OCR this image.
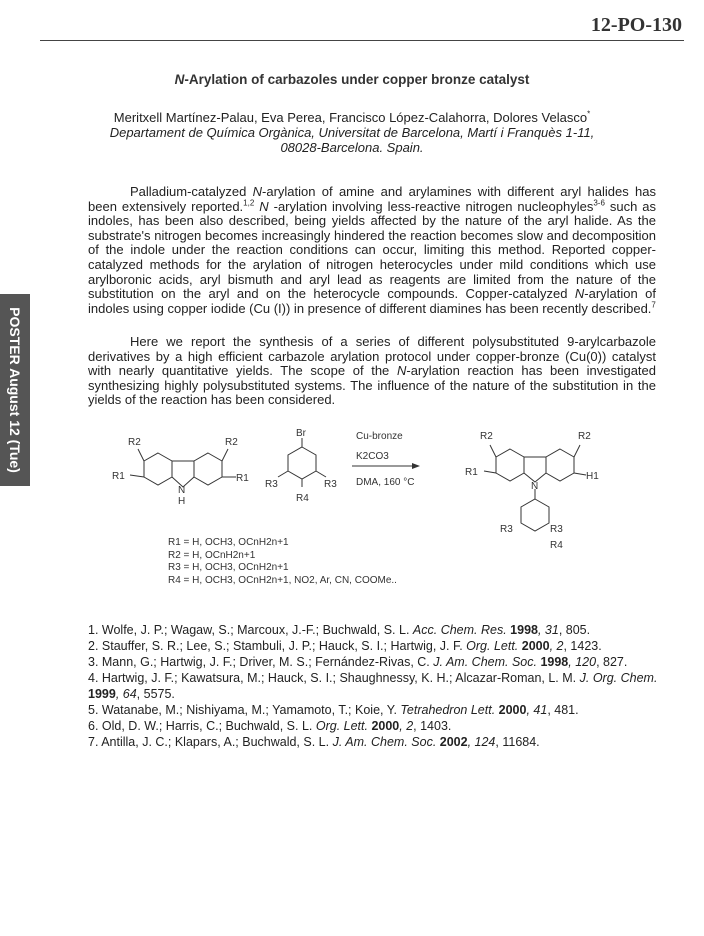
12-PO-130
POSTER August 12 (Tue)
N-Arylation of carbazoles under copper bronze catalyst
Meritxell Martínez-Palau, Eva Perea, Francisco López-Calahorra, Dolores Velasco*
Departament de Química Orgànica, Universitat de Barcelona, Martí i Franquès 1-11,
08028-Barcelona. Spain.
Palladium-catalyzed N-arylation of amine and arylamines with different aryl halides has been extensively reported.$^{1,2}$ N -arylation involving less-reactive nitrogen nucleophyles$^{3-6}$ such as indoles, has been also described, being yields affected by the nature of the aryl halide. As the substrate's nitrogen becomes increasingly hindered the reaction becomes slow and decomposition of the indole under the reaction conditions can occur, limiting this method. Reported copper-catalyzed methods for the arylation of nitrogen heterocycles under mild conditions which use arylboronic acids, aryl bismuth and aryl lead as reagents are limited from the nature of the substitution on the aryl and on the heterocycle compounds. Copper-catalyzed N-arylation of indoles using copper iodide (Cu (I)) in presence of different diamines has been recently described.$^7$
Here we report the synthesis of a series of different polysubstituted 9-arylcarbazole derivatives by a high efficient carbazole arylation protocol under copper-bronze (Cu(0)) catalyst with nearly quantitative yields. The scope of the N-arylation reaction has been investigated synthesizing highly polysubstituted systems. The influence of the nature of the substitution in the yields of the reaction has been considered.
R2	R2
R1	R1
N
H
Br
R3	R3
R4
Cu-bronze
K2CO3
DMA, 160 °C
R2	R2
R1	H1
N
R3	R3
R1 = H, OCH3, OCnH2n+1
R2 = H, OCnH2n+1
R3 = H, OCH3, OCnH2n+1
R4 = H, OCH3, OCnH2n+1, NO2, Ar, CN, COOMe..
R4
1. Wolfe, J. P.; Wagaw, S.; Marcoux, J.-F.; Buchwald, S. L. Acc. Chem. Res. 1998, 31, 805.
2. Stauffer, S. R.; Lee, S.; Stambuli, J. P.; Hauck, S. I.; Hartwig, J. F. Org. Lett. 2000, 2, 1423.
3. Mann, G.; Hartwig, J. F.; Driver, M. S.; Fernández-Rivas, C. J. Am. Chem. Soc. 1998, 120, 827.
4. Hartwig, J. F.; Kawatsura, M.; Hauck, S. I.; Shaughnessy, K. H.; Alcazar-Roman, L. M. J. Org. Chem. 1999, 64, 5575.
5. Watanabe, M.; Nishiyama, M.; Yamamoto, T.; Koie, Y. Tetrahedron Lett. 2000, 41, 481.
6. Old, D. W.; Harris, C.; Buchwald, S. L. Org. Lett. 2000, 2, 1403.
7. Antilla, J. C.; Klapars, A.; Buchwald, S. L. J. Am. Chem. Soc. 2002, 124, 11684.
